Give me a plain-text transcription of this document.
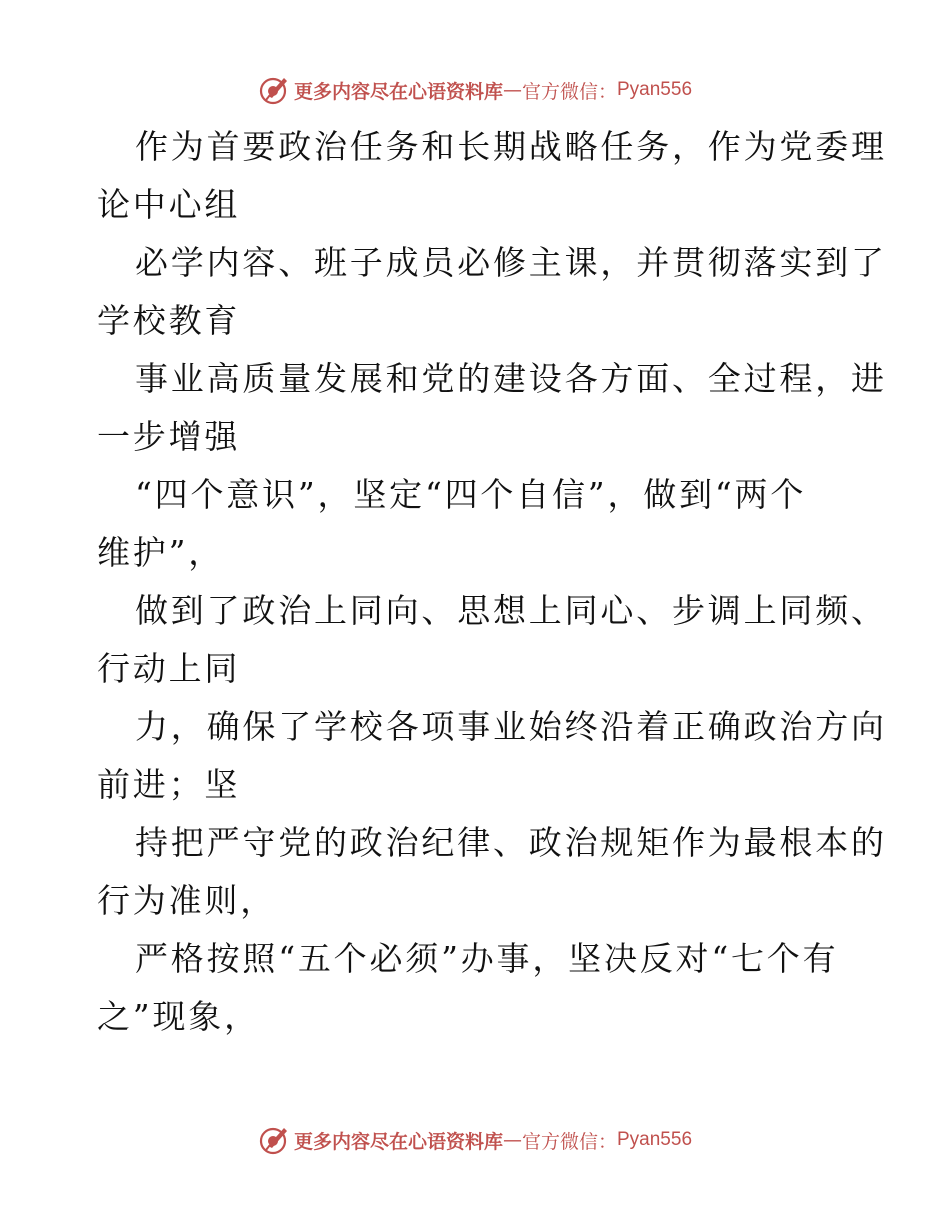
更多内容尽在心语资料库 — 官方微信： Pyan556
作为首要政治任务和长期战略任务，作为党委理
论中心组
必学内容、班子成员必修主课，并贯彻落实到了
学校教育
事业高质量发展和党的建设各方面、全过程，进
一步增强
“四个意识”，坚定“四个自信”，做到“两个
维护”，
做到了政治上同向、思想上同心、步调上同频、
行动上同
力，确保了学校各项事业始终沿着正确政治方向
前进；坚
持把严守党的政治纪律、政治规矩作为最根本的
行为准则，
严格按照“五个必须”办事，坚决反对“七个有
之”现象，
更多内容尽在心语资料库 — 官方微信： Pyan556
